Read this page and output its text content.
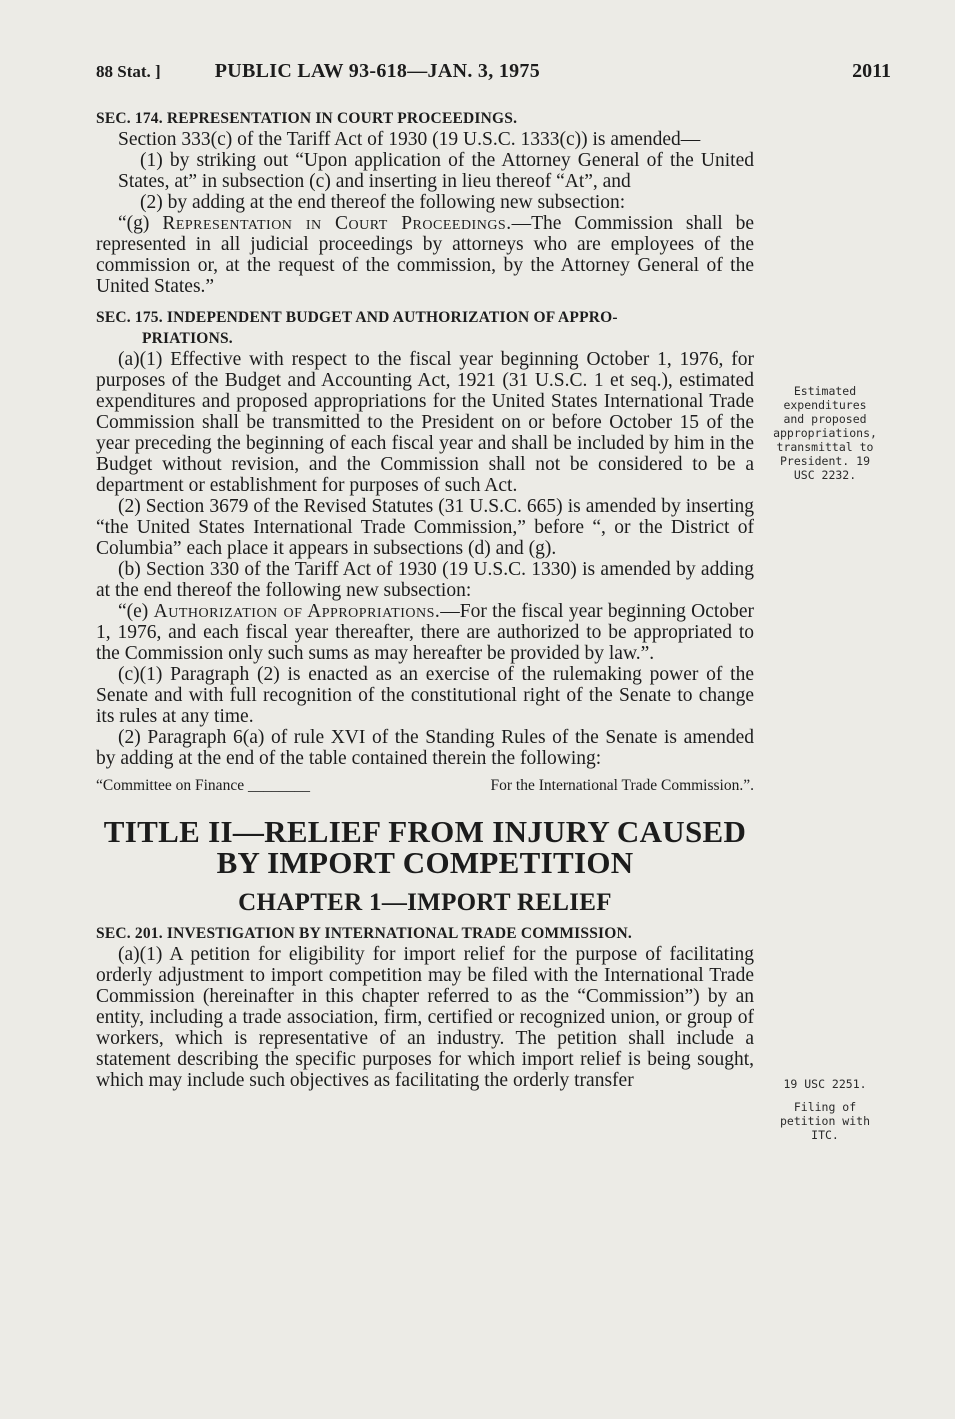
88 Stat. ]	PUBLIC LAW 93-618—JAN. 3, 1975	2011
SEC. 174. REPRESENTATION IN COURT PROCEEDINGS.

Section 333(c) of the Tariff Act of 1930 (19 U.S.C. 1333(c)) is amended—

(1) by striking out “Upon application of the Attorney General of the United States, at” in subsection (c) and inserting in lieu thereof “At”, and

(2) by adding at the end thereof the following new subsection:

“(g) Representation in Court Proceedings.—The Commission shall be represented in all judicial proceedings by attorneys who are employees of the commission or, at the request of the commission, by the Attorney General of the United States.”

SEC. 175. INDEPENDENT BUDGET AND AUTHORIZATION OF APPRO-
PRIATIONS.

(a)(1) Effective with respect to the fiscal year beginning October 1, 1976, for purposes of the Budget and Accounting Act, 1921 (31 U.S.C. 1 et seq.), estimated expenditures and proposed appropriations for the United States International Trade Commission shall be transmitted to the President on or before October 15 of the year preceding the beginning of each fiscal year and shall be included by him in the Budget without revision, and the Commission shall not be considered to be a department or establishment for purposes of such Act.

(2) Section 3679 of the Revised Statutes (31 U.S.C. 665) is amended by inserting “the United States International Trade Commission,” before “, or the District of Columbia” each place it appears in subsections (d) and (g).

(b) Section 330 of the Tariff Act of 1930 (19 U.S.C. 1330) is amended by adding at the end thereof the following new subsection:

“(e) Authorization of Appropriations.—For the fiscal year beginning October 1, 1976, and each fiscal year thereafter, there are authorized to be appropriated to the Commission only such sums as may hereafter be provided by law.”.

(c)(1) Paragraph (2) is enacted as an exercise of the rulemaking power of the Senate and with full recognition of the constitutional right of the Senate to change its rules at any time.

(2) Paragraph 6(a) of rule XVI of the Standing Rules of the Senate is amended by adding at the end of the table contained therein the following:

“Committee on Finance ________	For the International Trade Commission.”.
TITLE II—RELIEF FROM INJURY CAUSED
BY IMPORT COMPETITION
CHAPTER 1—IMPORT RELIEF
SEC. 201. INVESTIGATION BY INTERNATIONAL TRADE COMMISSION.

(a)(1) A petition for eligibility for import relief for the purpose of facilitating orderly adjustment to import competition may be filed with the International Trade Commission (hereinafter in this chapter referred to as the “Commission”) by an entity, including a trade association, firm, certified or recognized union, or group of workers, which is representative of an industry. The petition shall include a statement describing the specific purposes for which import relief is being sought, which may include such objectives as facilitating the orderly transfer

Estimated expenditures and proposed appropriations, transmittal to President. 19 USC 2232.
19 USC 2251.
Filing of petition with ITC.
